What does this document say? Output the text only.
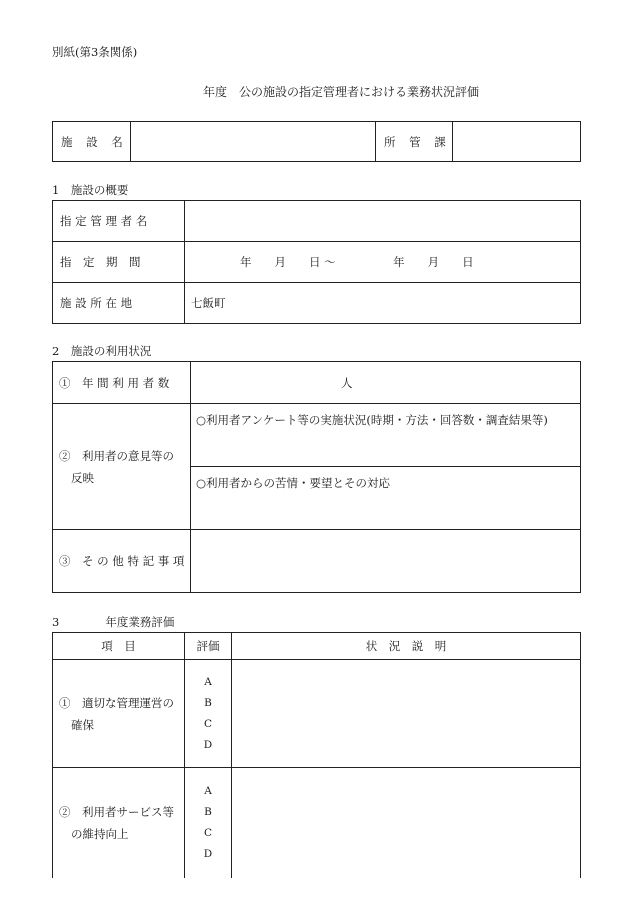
別紙(第3条関係)
年度　公の施設の指定管理者における業務状況評価
施 設 名		所 管 課	
1　施設の概要
指 定 管 理 者 名	
指　定　期　間	年　　月　　日 ～　　　　　年　　月　　日
施 設 所 在 地	七飯町
2　施設の利用状況
①　年 間 利 用 者 数	人

②　利用者の意見等の
反映	○利用者アンケート等の実施状況(時期・方法・回答数・調査結果等)
	○利用者からの苦情・要望とその対応
③　そ の 他 特 記 事 項	
3　　　　年度業務評価
項　目	評価	状　況　説　明

①　適切な管理運営の
確保	A
B
C
D	

②　利用者サービス等
の維持向上	A
B
C
D	
